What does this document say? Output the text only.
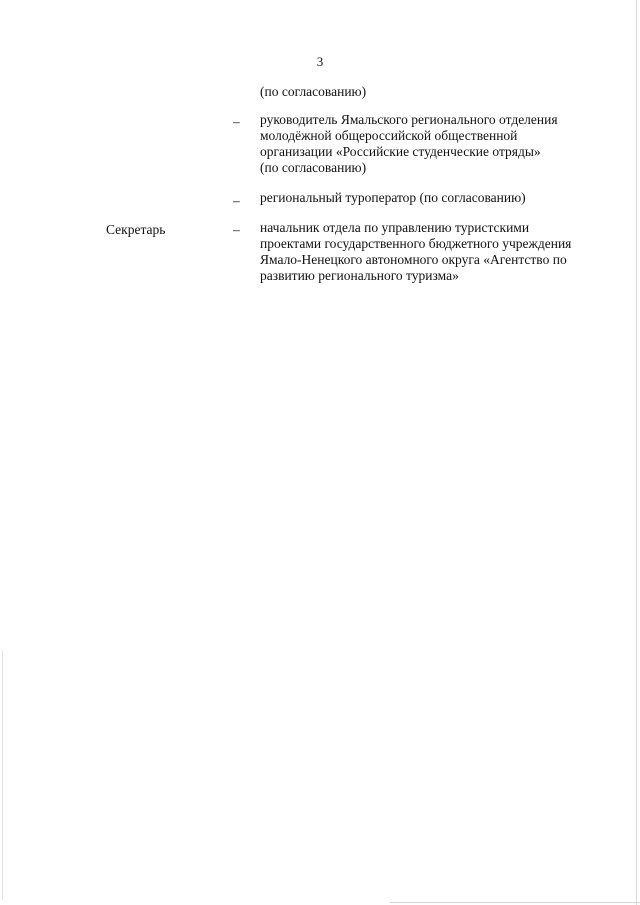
3
(по согласованию)
– руководитель Ямальского регионального отделения
молодёжной общероссийской общественной
организации «Российские студенческие отряды»
(по согласованию)
– региональный туроператор (по согласованию)
Секретарь	– начальник отдела по управлению туристскими
проектами государственного бюджетного учреждения
Ямало-Ненецкого автономного округа «Агентство по
развитию регионального туризма»
